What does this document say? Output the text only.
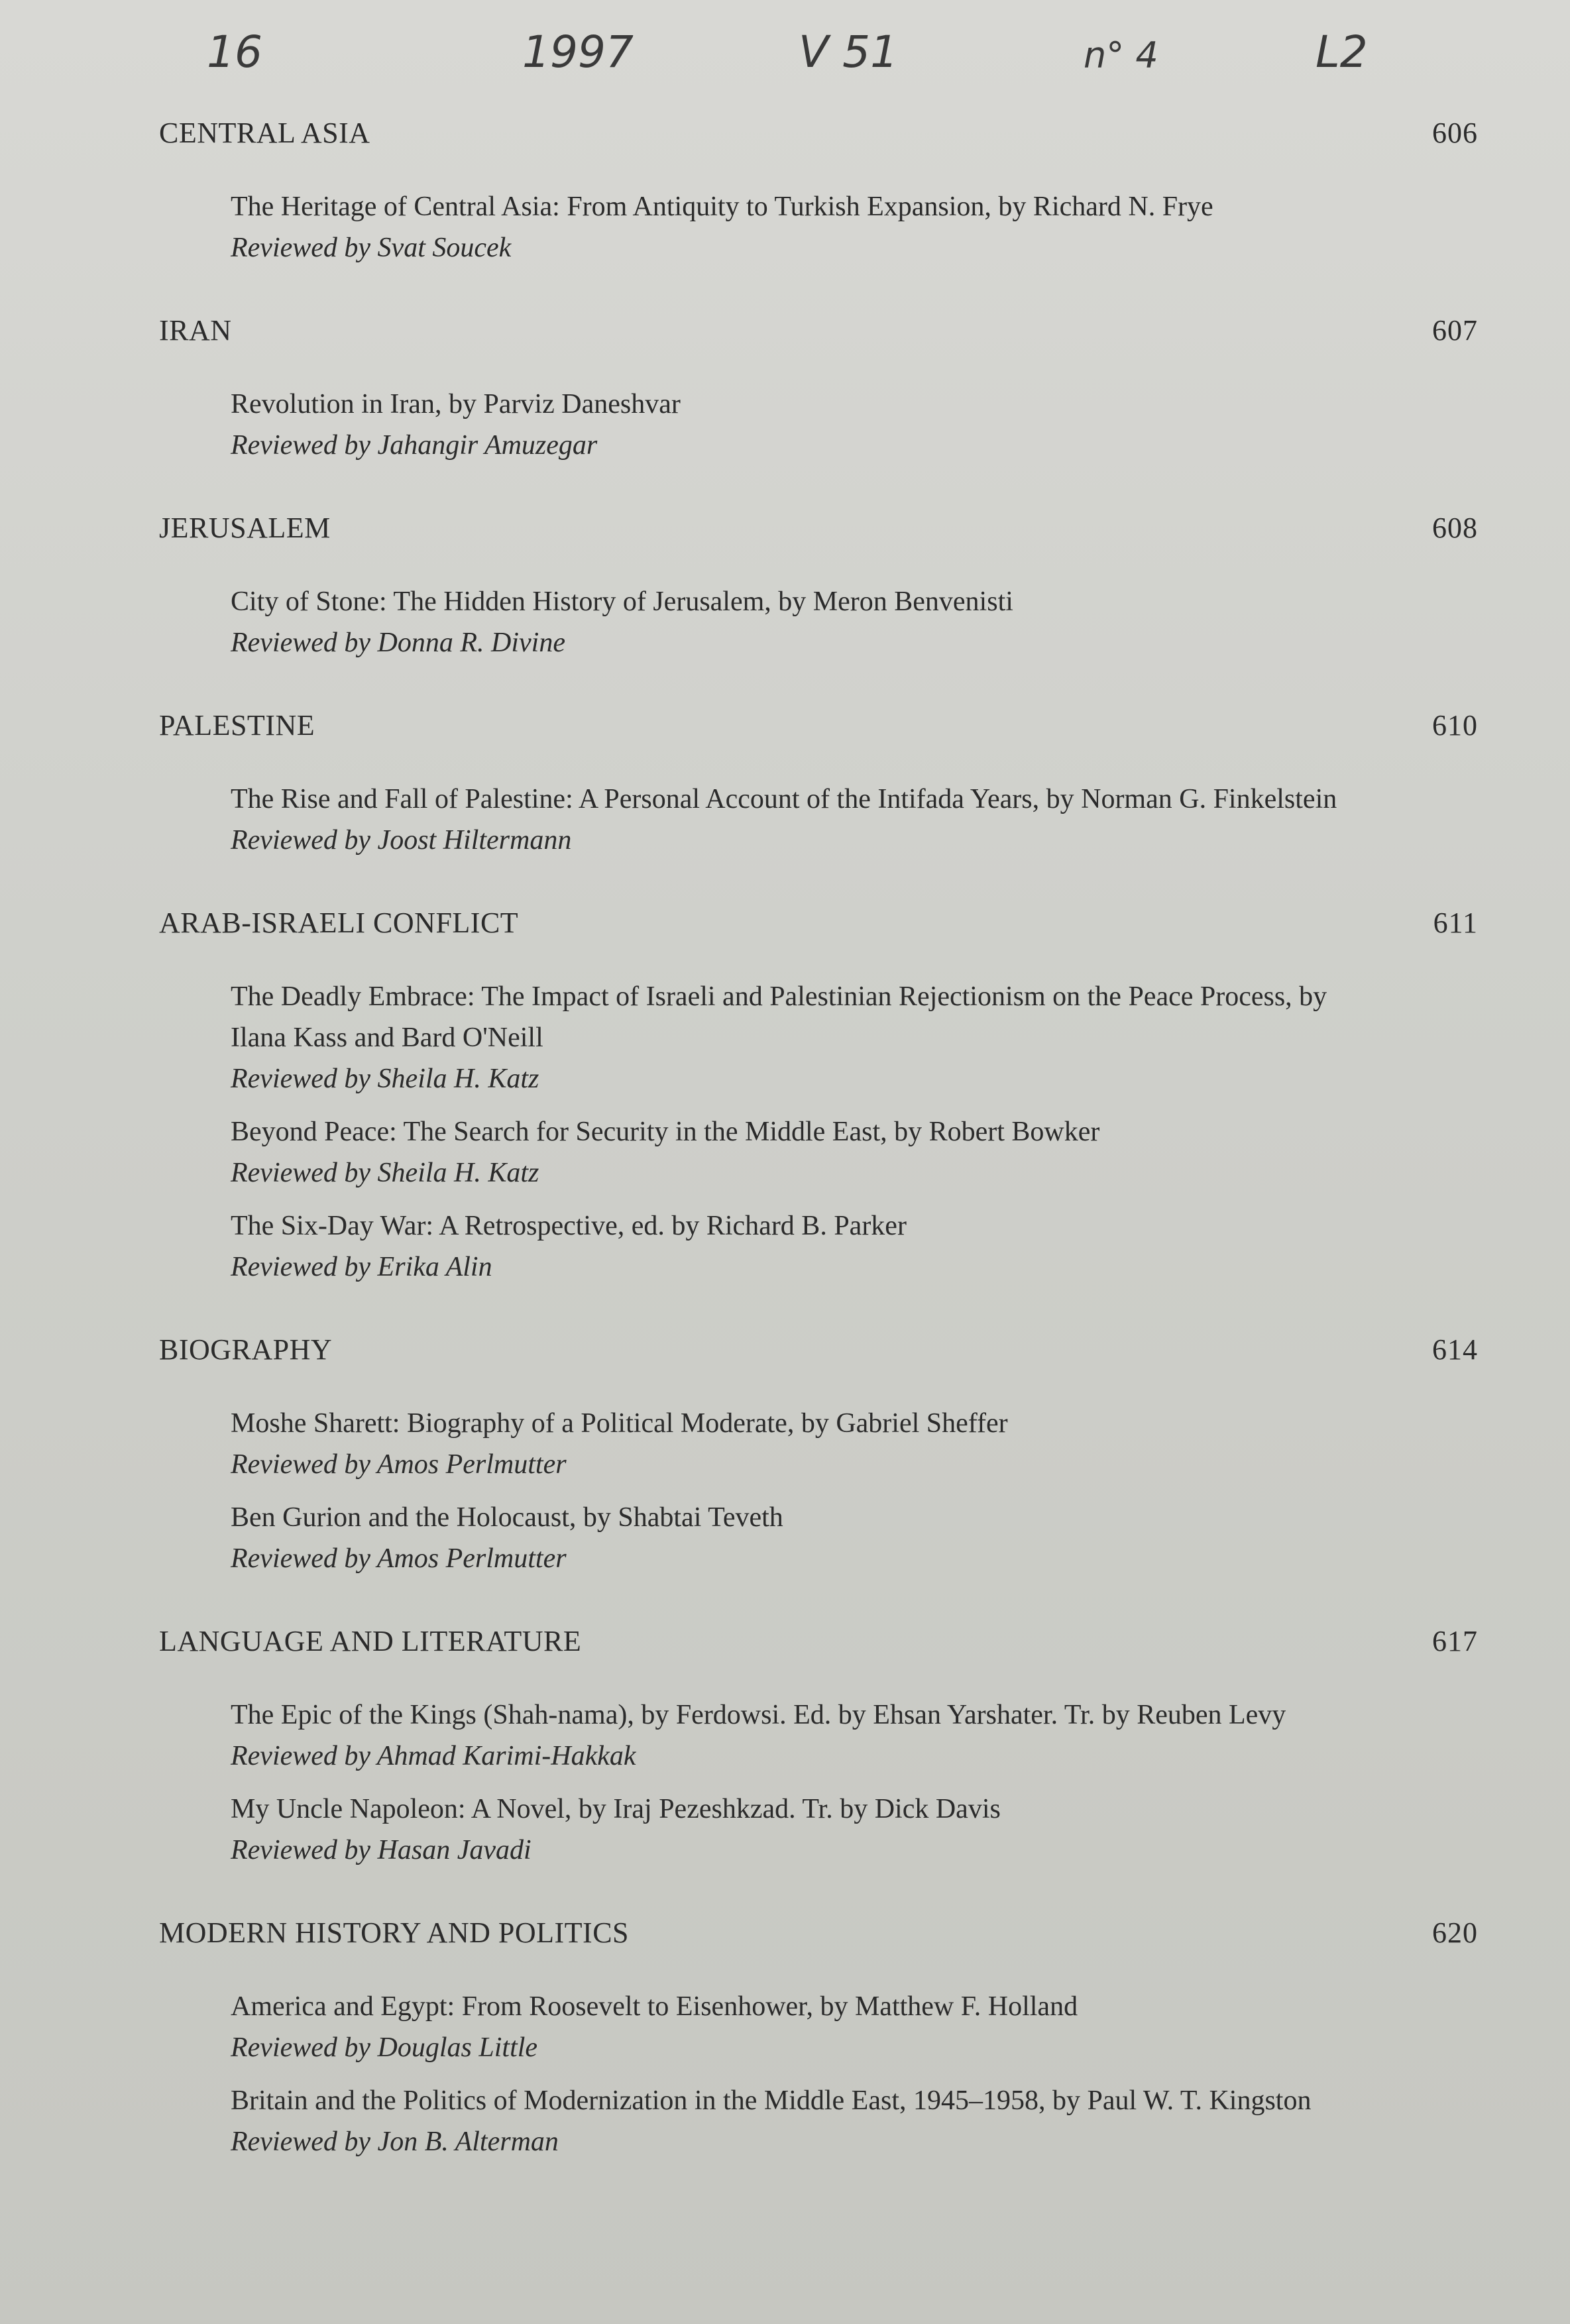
16	1997	V 51	n° 4	L2
CENTRAL ASIA	606
The Heritage of Central Asia: From Antiquity to Turkish Expansion, by Richard N. Frye
Reviewed by Svat Soucek
IRAN	607
Revolution in Iran, by Parviz Daneshvar
Reviewed by Jahangir Amuzegar
JERUSALEM	608
City of Stone: The Hidden History of Jerusalem, by Meron Benvenisti
Reviewed by Donna R. Divine
PALESTINE	610
The Rise and Fall of Palestine: A Personal Account of the Intifada Years, by Norman G. Finkelstein
Reviewed by Joost Hiltermann
ARAB-ISRAELI CONFLICT	611
The Deadly Embrace: The Impact of Israeli and Palestinian Rejectionism on the Peace Process, by Ilana Kass and Bard O'Neill
Reviewed by Sheila H. Katz
Beyond Peace: The Search for Security in the Middle East, by Robert Bowker
Reviewed by Sheila H. Katz
The Six-Day War: A Retrospective, ed. by Richard B. Parker
Reviewed by Erika Alin
BIOGRAPHY	614
Moshe Sharett: Biography of a Political Moderate, by Gabriel Sheffer
Reviewed by Amos Perlmutter
Ben Gurion and the Holocaust, by Shabtai Teveth
Reviewed by Amos Perlmutter
LANGUAGE AND LITERATURE	617
The Epic of the Kings (Shah-nama), by Ferdowsi. Ed. by Ehsan Yarshater. Tr. by Reuben Levy
Reviewed by Ahmad Karimi-Hakkak
My Uncle Napoleon: A Novel, by Iraj Pezeshkzad. Tr. by Dick Davis
Reviewed by Hasan Javadi
MODERN HISTORY AND POLITICS	620
America and Egypt: From Roosevelt to Eisenhower, by Matthew F. Holland
Reviewed by Douglas Little
Britain and the Politics of Modernization in the Middle East, 1945–1958, by Paul W. T. Kingston
Reviewed by Jon B. Alterman
